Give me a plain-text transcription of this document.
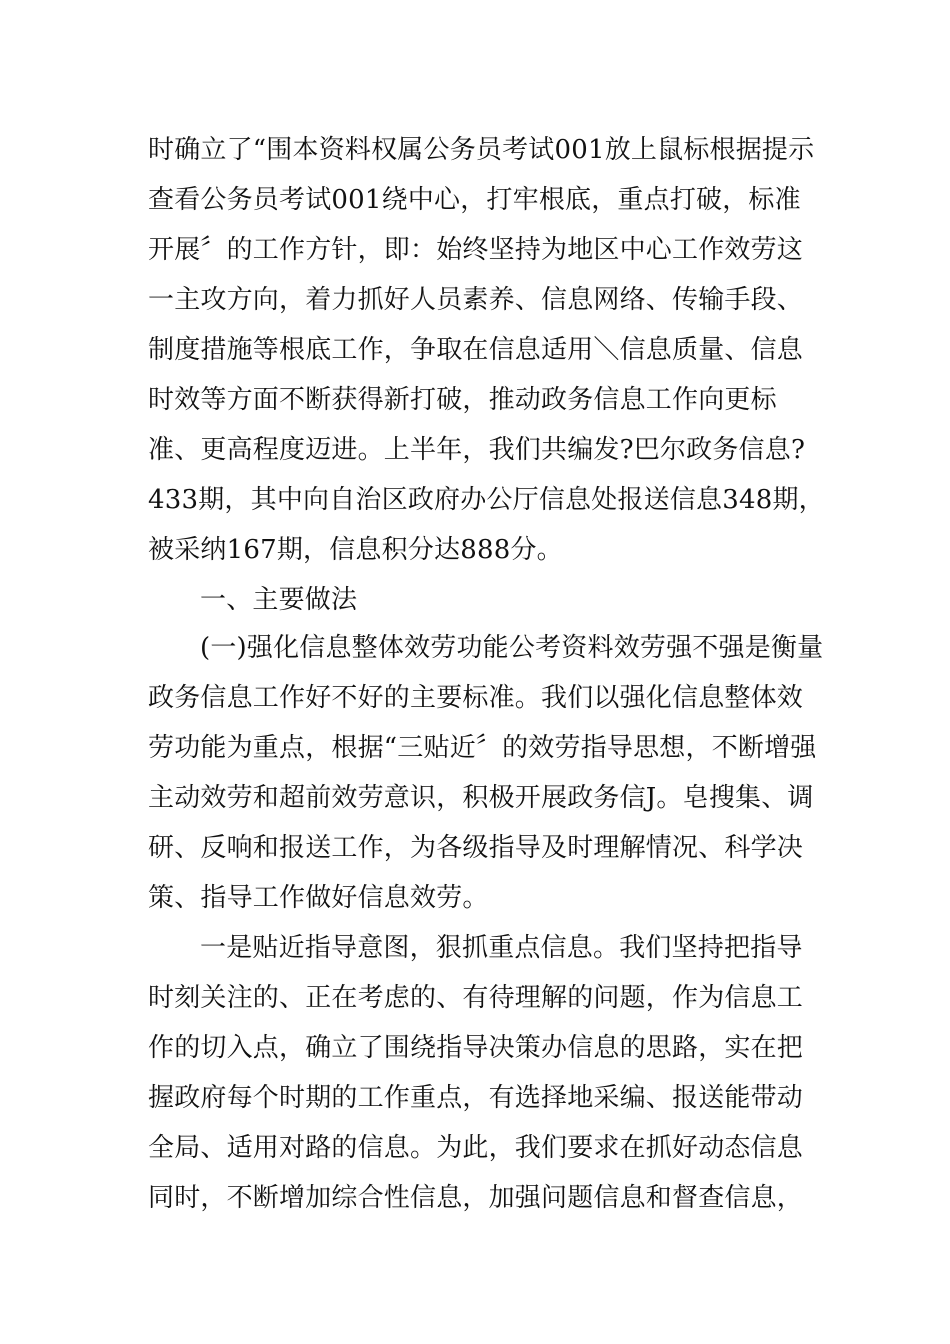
时确立了“围本资料权属公务员考试001放上鼠标根据提示
查看公务员考试001绕中心，打牢根底，重点打破，标准
开展〞的工作方针，即：始终坚持为地区中心工作效劳这
一主攻方向，着力抓好人员素养、信息网络、传输手段、
制度措施等根底工作，争取在信息适用＼信息质量、信息
时效等方面不断获得新打破，推动政务信息工作向更标
准、更高程度迈进。上半年，我们共编发?巴尔政务信息?
433期，其中向自治区政府办公厅信息处报送信息348期，
被采纳167期，信息积分达888分。
一、主要做法
(一)强化信息整体效劳功能公考资料效劳强不强是衡量
政务信息工作好不好的主要标准。我们以强化信息整体效
劳功能为重点，根据“三贴近〞的效劳指导思想，不断增强
主动效劳和超前效劳意识，积极开展政务信J。皂搜集、调
研、反响和报送工作，为各级指导及时理解情况、科学决
策、指导工作做好信息效劳。
一是贴近指导意图，狠抓重点信息。我们坚持把指导
时刻关注的、正在考虑的、有待理解的问题，作为信息工
作的切入点，确立了围绕指导决策办信息的思路，实在把
握政府每个时期的工作重点，有选择地采编、报送能带动
全局、适用对路的信息。为此，我们要求在抓好动态信息
同时，不断增加综合性信息，加强问题信息和督查信息，
